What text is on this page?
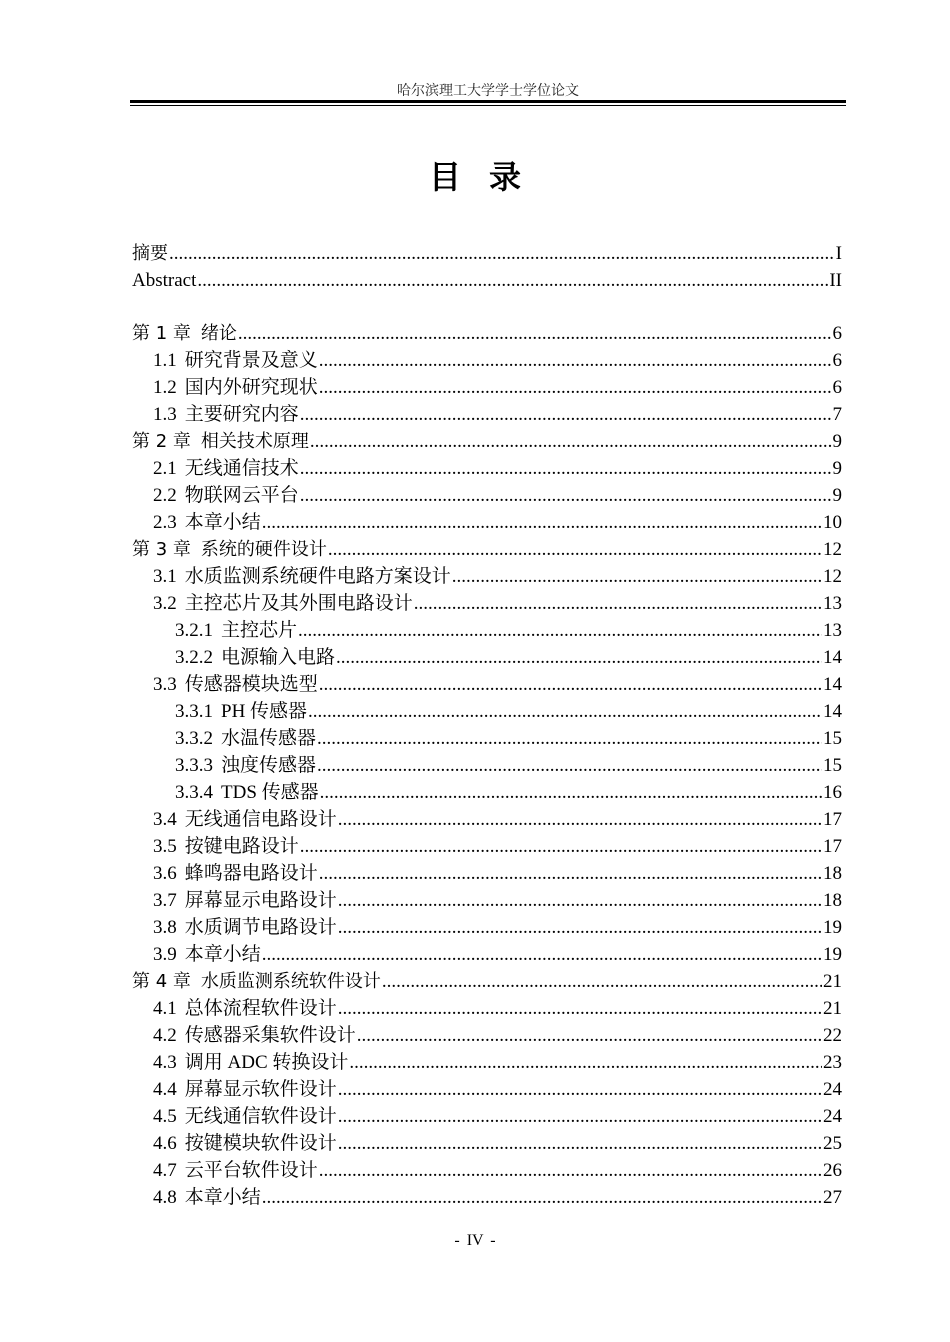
哈尔滨理工大学学士学位论文
目录
摘要 .....	I
Abstract .....	II
第 1 章 绪论 .....	6
1.1 研究背景及意义 .....	6
1.2 国内外研究现状 .....	6
1.3 主要研究内容 .....	7
第 2 章 相关技术原理 .....	9
2.1 无线通信技术 .....	9
2.2 物联网云平台 .....	9
2.3 本章小结 .....	10
第 3 章 系统的硬件设计 .....	12
3.1 水质监测系统硬件电路方案设计 .....	12
3.2 主控芯片及其外围电路设计 .....	13
3.2.1 主控芯片 .....	13
3.2.2 电源输入电路 .....	14
3.3 传感器模块选型 .....	14
3.3.1 PH 传感器 .....	14
3.3.2 水温传感器 .....	15
3.3.3 浊度传感器 .....	15
3.3.4 TDS 传感器 .....	16
3.4 无线通信电路设计 .....	17
3.5 按键电路设计 .....	17
3.6 蜂鸣器电路设计 .....	18
3.7 屏幕显示电路设计 .....	18
3.8 水质调节电路设计 .....	19
3.9 本章小结 .....	19
第 4 章 水质监测系统软件设计 .....	21
4.1 总体流程软件设计 .....	21
4.2 传感器采集软件设计 .....	22
4.3 调用 ADC 转换设计 .....	23
4.4 屏幕显示软件设计 .....	24
4.5 无线通信软件设计 .....	24
4.6 按键模块软件设计 .....	25
4.7 云平台软件设计 .....	26
4.8 本章小结 .....	27
- IV -
